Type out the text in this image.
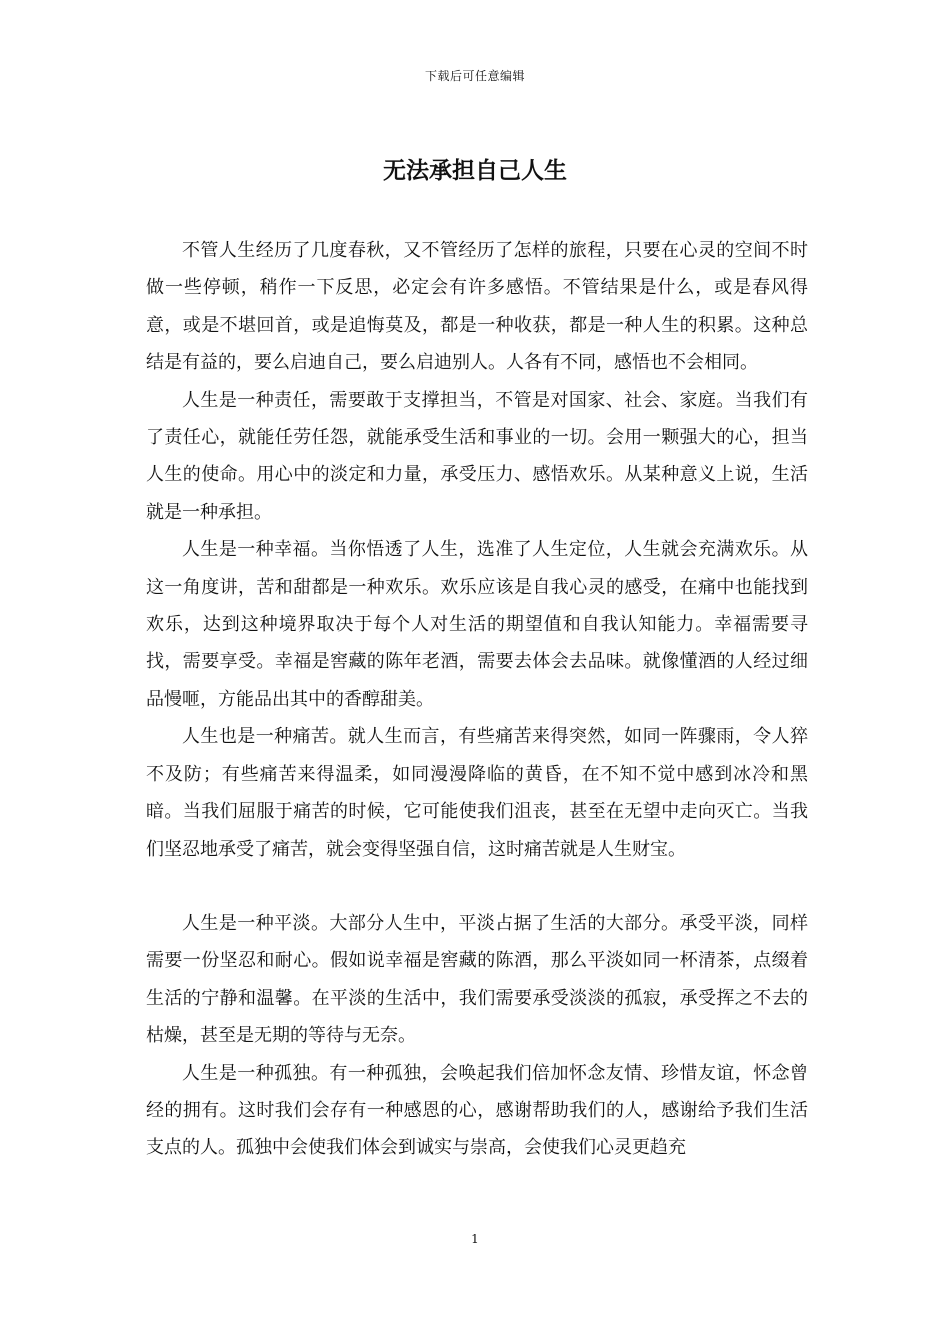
下载后可任意编辑
无法承担自己人生

不管人生经历了几度春秋，又不管经历了怎样的旅程，只要在心灵的空间不时做一些停顿，稍作一下反思，必定会有许多感悟。不管结果是什么，或是春风得意，或是不堪回首，或是追悔莫及，都是一种收获，都是一种人生的积累。这种总结是有益的，要么启迪自己，要么启迪别人。人各有不同，感悟也不会相同。

人生是一种责任，需要敢于支撑担当，不管是对国家、社会、家庭。当我们有了责任心，就能任劳任怨，就能承受生活和事业的一切。会用一颗强大的心，担当人生的使命。用心中的淡定和力量，承受压力、感悟欢乐。从某种意义上说，生活就是一种承担。

人生是一种幸福。当你悟透了人生，选准了人生定位，人生就会充满欢乐。从这一角度讲，苦和甜都是一种欢乐。欢乐应该是自我心灵的感受，在痛中也能找到欢乐，达到这种境界取决于每个人对生活的期望值和自我认知能力。幸福需要寻找，需要享受。幸福是窖藏的陈年老酒，需要去体会去品味。就像懂酒的人经过细品慢咂，方能品出其中的香醇甜美。

人生也是一种痛苦。就人生而言，有些痛苦来得突然，如同一阵骤雨，令人猝不及防；有些痛苦来得温柔，如同漫漫降临的黄昏，在不知不觉中感到冰冷和黑暗。当我们屈服于痛苦的时候，它可能使我们沮丧，甚至在无望中走向灭亡。当我们坚忍地承受了痛苦，就会变得坚强自信，这时痛苦就是人生财宝。

人生是一种平淡。大部分人生中，平淡占据了生活的大部分。承受平淡，同样需要一份坚忍和耐心。假如说幸福是窖藏的陈酒，那么平淡如同一杯清茶，点缀着生活的宁静和温馨。在平淡的生活中，我们需要承受淡淡的孤寂，承受挥之不去的枯燥，甚至是无期的等待与无奈。

人生是一种孤独。有一种孤独，会唤起我们倍加怀念友情、珍惜友谊，怀念曾经的拥有。这时我们会存有一种感恩的心，感谢帮助我们的人，感谢给予我们生活支点的人。孤独中会使我们体会到诚实与崇高，会使我们心灵更趋充

1
